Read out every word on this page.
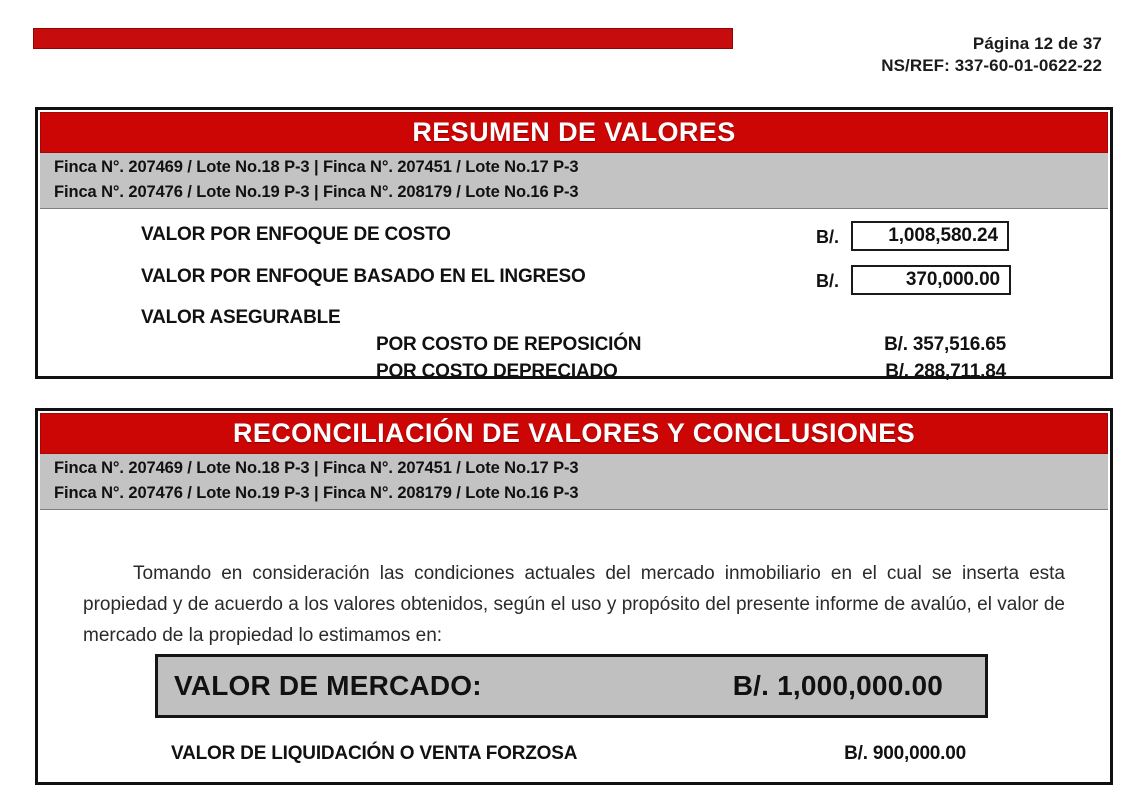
Página 12 de 37
NS/REF: 337-60-01-0622-22
RESUMEN DE VALORES
Finca N°. 207469 / Lote No.18 P-3 | Finca N°. 207451 / Lote No.17 P-3
Finca N°. 207476 / Lote No.19 P-3 | Finca N°. 208179 / Lote No.16 P-3
VALOR POR ENFOQUE DE COSTO	B/.	1,008,580.24
VALOR POR ENFOQUE BASADO EN EL INGRESO	B/.	370,000.00
VALOR ASEGURABLE
POR COSTO DE REPOSICIÓN	B/. 357,516.65
POR COSTO DEPRECIADO	B/. 288,711.84
RECONCILIACIÓN DE VALORES Y CONCLUSIONES
Finca N°. 207469 / Lote No.18 P-3 | Finca N°. 207451 / Lote No.17 P-3
Finca N°. 207476 / Lote No.19 P-3 | Finca N°. 208179 / Lote No.16 P-3

Tomando en consideración las condiciones actuales del mercado inmobiliario en el cual se inserta esta propiedad y de acuerdo a los valores obtenidos, según el uso y propósito del presente informe de avalúo, el valor de mercado de la propiedad lo estimamos en:

VALOR DE MERCADO:	B/. 1,000,000.00
VALOR DE LIQUIDACIÓN O VENTA FORZOSA	B/. 900,000.00
